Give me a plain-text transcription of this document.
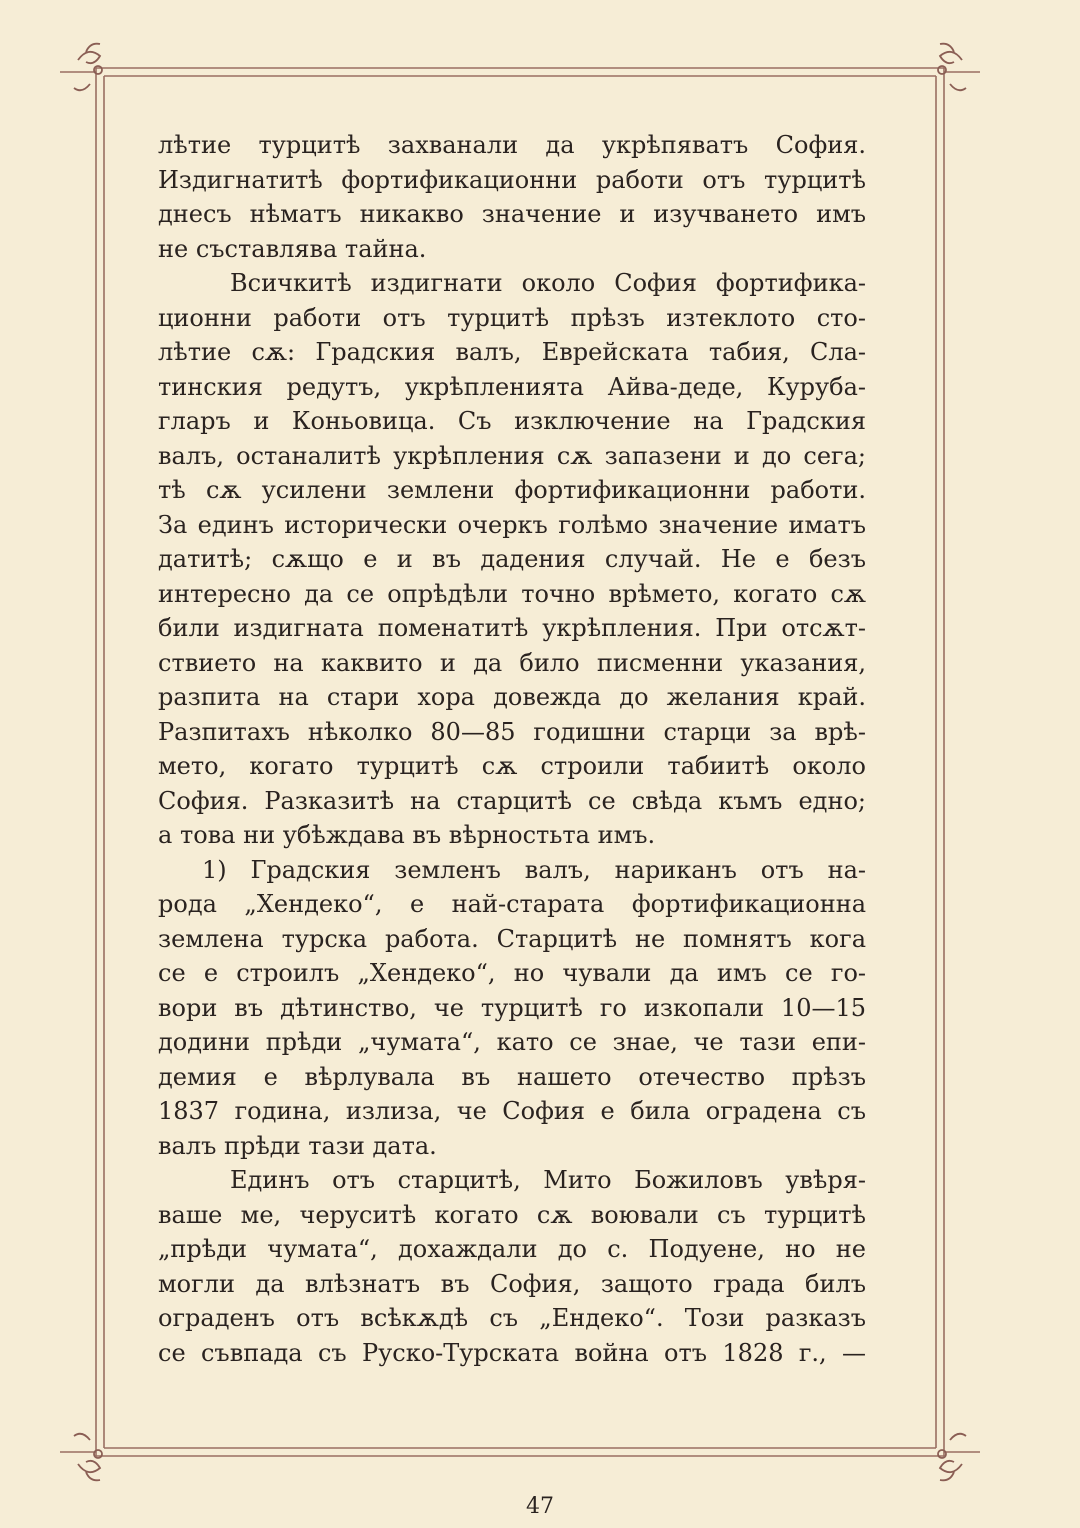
лѣтие турцитѣ захванали да укрѣпяватъ София.
Издигнатитѣ фортификационни работи отъ турцитѣ
днесъ нѣматъ никакво значение и изучването имъ
не съставлява тайна.
Всичкитѣ издигнати около София фортифика-
ционни работи отъ турцитѣ прѣзъ изтеклото сто-
лѣтие сѫ: Градския валъ, Еврейската табия, Сла-
тинския редутъ, укрѣпленията Айва-деде, Куруба-
гларъ и Коньовица. Съ изключение на Градския
валъ, останалитѣ укрѣпления сѫ запазени и до сега;
тѣ сѫ усилени землени фортификационни работи.
За единъ исторически очеркъ голѣмо значение иматъ
датитѣ; сѫщо е и въ дадения случай. Не е безъ
интересно да се опрѣдѣли точно врѣмето, когато сѫ
били издигната поменатитѣ укрѣпления. При отсѫт-
ствието на каквито и да било писменни указания,
разпита на стари хора довежда до желания край.
Разпитахъ нѣколко 80—85 годишни старци за врѣ-
мето, когато турцитѣ сѫ строили табиитѣ около
София. Разказитѣ на старцитѣ се свѣда къмъ едно;
а това ни убѣждава въ вѣрностьта имъ.
1) Градския земленъ валъ, нариканъ отъ на-
рода „Хендеко“, е най-старата фортификационна
землена турска работа. Старцитѣ не помнятъ кога
се е строилъ „Хендеко“, но чували да имъ се го-
вори въ дѣтинство, че турцитѣ го изкопали 10—15
додини прѣди „чумата“, като се знае, че тази епи-
демия е вѣрлувала въ нашето отечество прѣзъ
1837 година, излиза, че София е била оградена съ
валъ прѣди тази дата.
Единъ отъ старцитѣ, Мито Божиловъ увѣря-
ваше ме, черуситѣ когато сѫ воювали съ турцитѣ
„прѣди чумата“, дохаждали до с. Подуене, но не
могли да влѣзнатъ въ София, защото града билъ
ограденъ отъ всѣкѫдѣ съ „Ендеко“. Този разказъ
се съвпада съ Руско-Турската война отъ 1828 г., —
47
